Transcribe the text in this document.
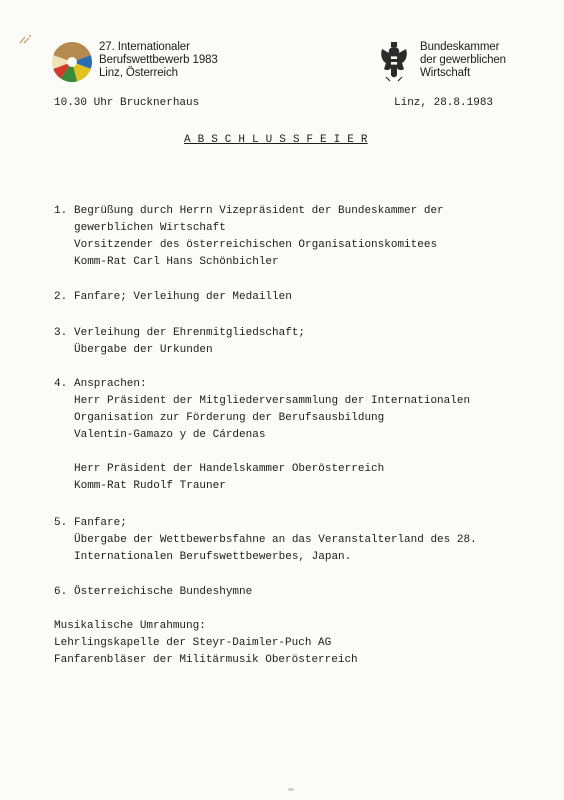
27. Internationaler
Berufswettbewerb 1983
Linz, Österreich
Bundeskammer
der gewerblichen
Wirtschaft
10.30 Uhr Brucknerhaus	Linz, 28.8.1983
A B S C H L U S S F E I E R
1. Begrüßung durch Herrn Vizepräsident der Bundeskammer der
gewerblichen Wirtschaft
Vorsitzender des österreichischen Organisationskomitees
Komm-Rat Carl Hans Schönbichler
2. Fanfare; Verleihung der Medaillen
3. Verleihung der Ehrenmitgliedschaft;
Übergabe der Urkunden
4. Ansprachen:
Herr Präsident der Mitgliederversammlung der Internationalen
Organisation zur Förderung der Berufsausbildung
Valentín-Gamazo y de Cárdenas
Herr Präsident der Handelskammer Oberösterreich
Komm-Rat Rudolf Trauner
5. Fanfare;
Übergabe der Wettbewerbsfahne an das Veranstalterland des 28.
Internationalen Berufswettbewerbes, Japan.
6. Österreichische Bundeshymne
Musikalische Umrahmung:
Lehrlingskapelle der Steyr-Daimler-Puch AG
Fanfarenbläser der Militärmusik Oberösterreich
